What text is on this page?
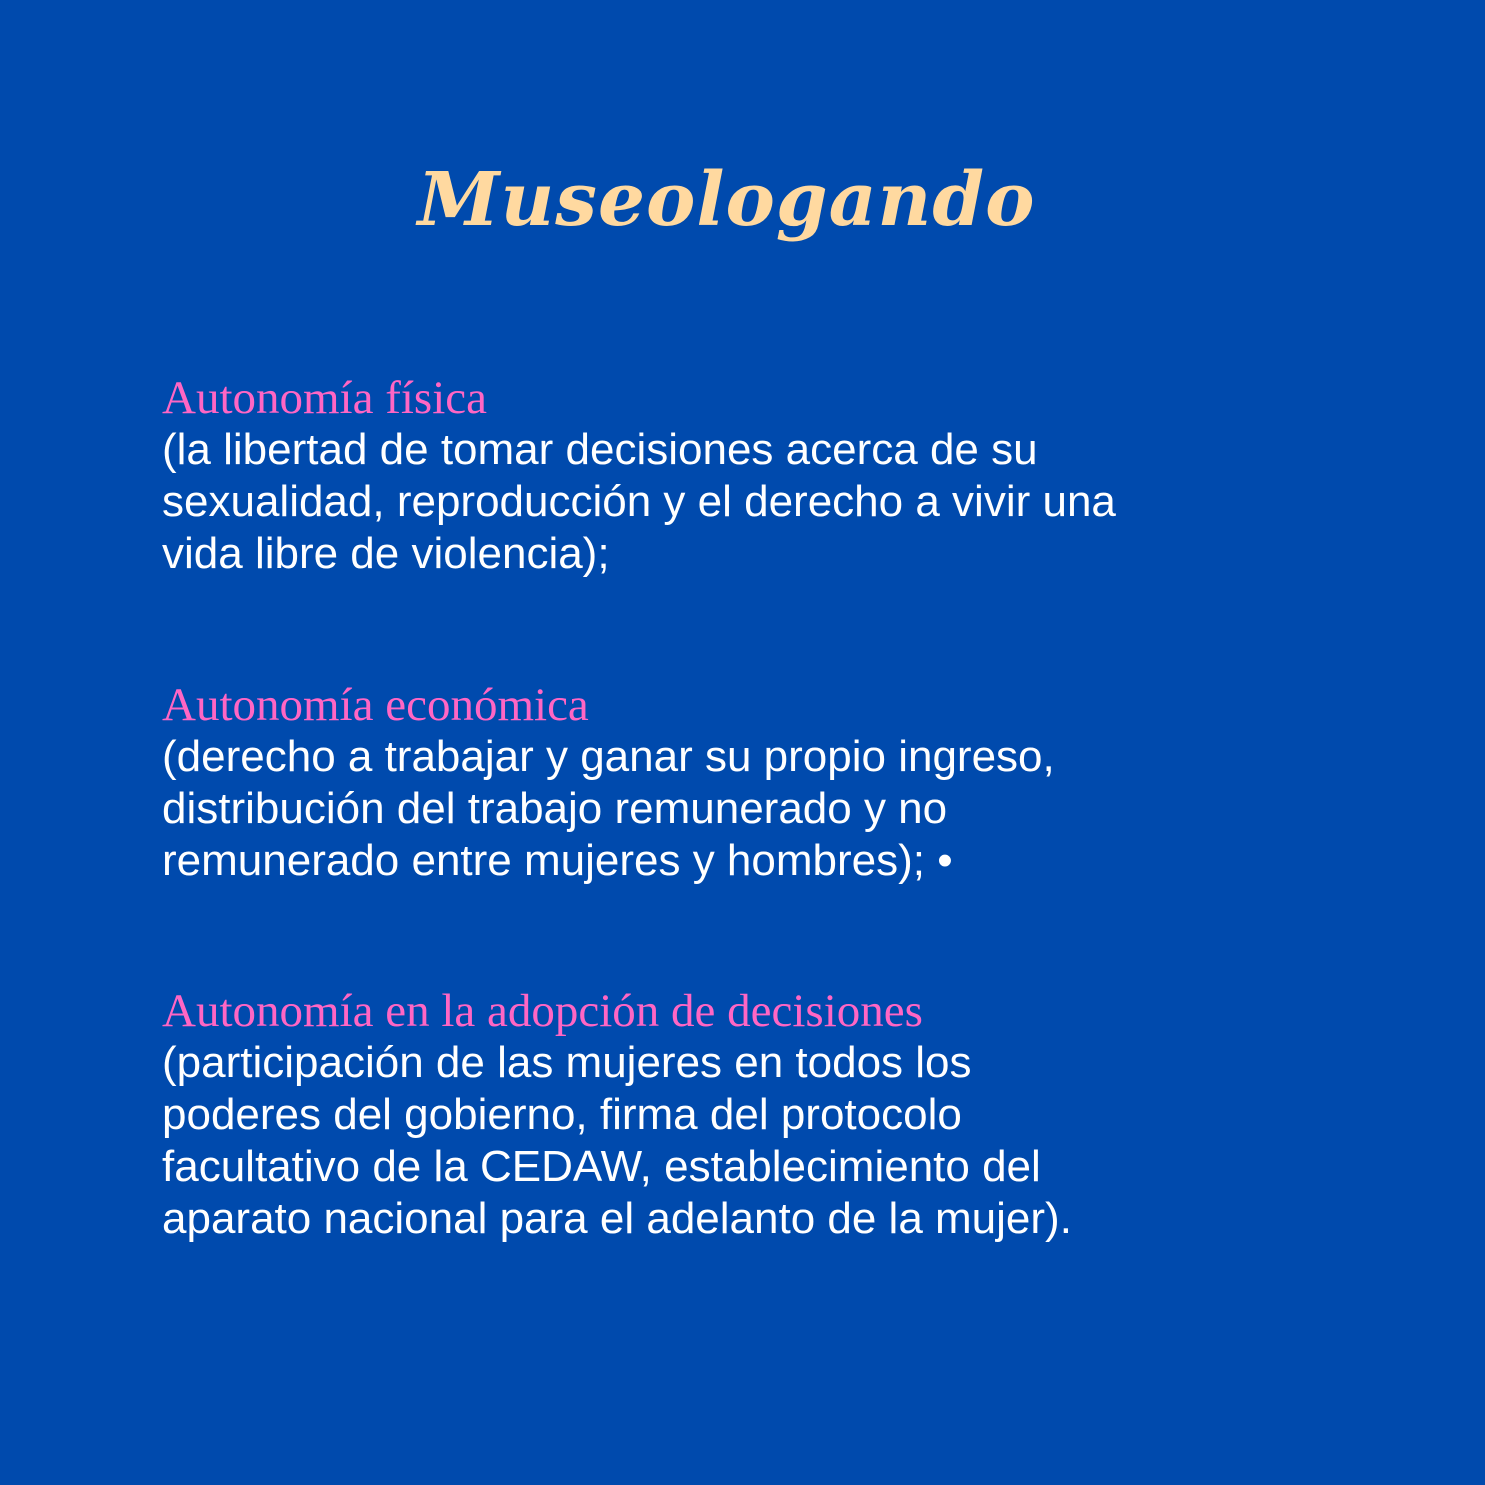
Museologando
Autonomía física

(la libertad de tomar decisiones acerca de su
sexualidad, reproducción y el derecho a vivir una
vida libre de violencia);

Autonomía económica

(derecho a trabajar y ganar su propio ingreso,
distribución del trabajo remunerado y no
remunerado entre mujeres y hombres); •

Autonomía en la adopción de decisiones

(participación de las mujeres en todos los
poderes del gobierno, firma del protocolo
facultativo de la CEDAW, establecimiento del
aparato nacional para el adelanto de la mujer).
